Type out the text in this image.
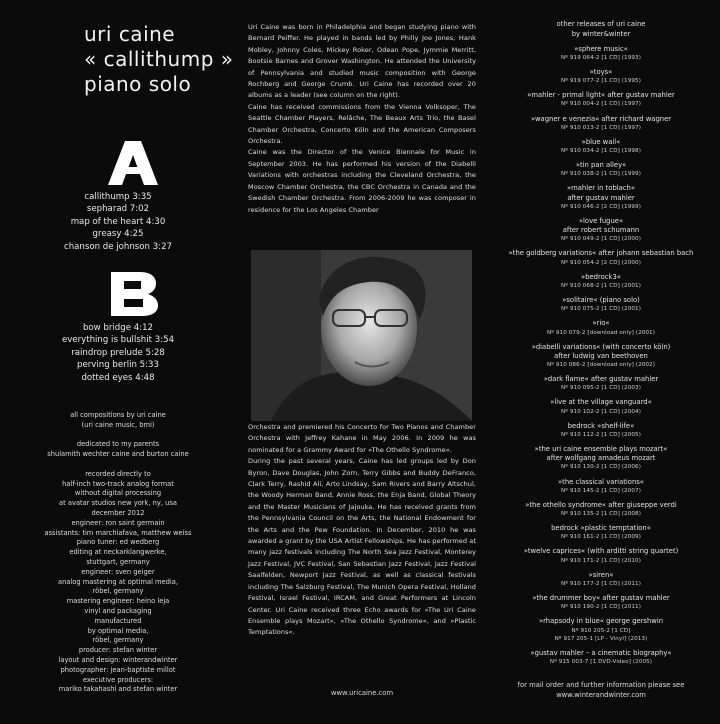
uri caine
« callithump »
piano solo
callithump 3:35
sepharad 7:02
map of the heart 4:30
greasy 4:25
chanson de johnson 3:27
bow bridge 4:12
everything is bullshit 3:54
raindrop prelude 5:28
perving berlin 5:33
dotted eyes 4:48
all compositions by uri caine
(uri caine music, bmi)
dedicated to my parents
shulamith wechter caine and burton caine
recorded directly to
half-inch two-track analog format
without digital processing
at avatar studios new york, ny, usa
december 2012
engineer: ron saint germain
assistants: tim marchiafava, matthew weiss
piano tuner: ed wedberg
editing at neckarklangwerke,
stuttgart, germany
engineer: sven geiger
analog mastering at optimal media,
röbel, germany
mastering engineer: heino leja
vinyl and packaging
manufactured
by optimal media,
röbel, germany
producer: stefan winter
layout and design: winterandwinter
photographer: jean-baptiste millot
executive producers:
mariko takahashi and stefan winter

Uri Caine was born in Philadelphia and began studying piano with Bernard Peiffer. He played in bands led by Philly Joe Jones, Hank Mobley, Johnny Coles, Mickey Roker, Odean Pope, Jymmie Merritt, Bootsie Barnes and Grover Washington. He attended the University of Pennsylvania and studied music composition with George Rochberg and George Crumb. Uri Caine has recorded over 20 albums as a leader (see column on the right).

Caine has received commissions from the Vienna Volksoper, The Seattle Chamber Players, Relâche, The Beaux Arts Trio, the Basel Chamber Orchestra, Concerto Köln and the American Composers Orchestra.

Caine was the Director of the Venice Biennale for Music in September 2003. He has performed his version of the Diabelli Variations with orchestras including the Cleveland Orchestra, the Moscow Chamber Orchestra, the CBC Orchestra in Canada and the Swedish Chamber Orchestra. From 2006-2009 he was composer in residence for the Los Angeles Chamber

Orchestra and premiered his Concerto for Two Pianos and Chamber Orchestra with Jeffrey Kahane in May 2006. In 2009 he was nominated for a Grammy Award for »The Othello Syndrome«.

During the past several years, Caine has led groups led by Don Byron, Dave Douglas, John Zorn, Terry Gibbs and Buddy DeFranco, Clark Terry, Rashid Ali, Arto Lindsay, Sam Rivers and Barry Altschul, the Woody Herman Band, Annie Ross, the Enja Band, Global Theory and the Master Musicians of Jajouka. He has received grants from the Pennsylvania Council on the Arts, the National Endowment for the Arts and the Pew Foundation. In December, 2010 he was awarded a grant by the USA Artist Fellowships. He has performed at many jazz festivals including The North Sea Jazz Festival, Monterey Jazz Festival, JVC Festival, San Sebastian Jazz Festival, Jazz Festival Saalfelden, Newport Jazz Festival, as well as classical festivals including The Salzburg Festival, The Munich Opera Festival, Holland Festival, Israel Festival, IRCAM, and Great Performers at Lincoln Center. Uri Caine received three Echo awards for »The Uri Caine Ensemble plays Mozart«, »The Othello Syndrome«, and »Plastic Temptations«.

www.uricaine.com
other releases of uri caine
by winter&winter
»sphere music«
Nº 919 064-2 [1 CD] (1993)
»toys«
Nº 919 077-2 [1 CD] (1995)
»mahler - primal light« after gustav mahler
Nº 910 004-2 [1 CD] (1997)
»wagner e venezia« after richard wagner
Nº 910 013-2 [1 CD] (1997)
»blue wail«
Nº 910 034-2 [1 CD] (1998)
»tin pan alley«
Nº 910 038-2 [1 CD] (1999)
»mahler in toblach«
after gustav mahler
Nº 910 046-2 [2 CD] (1999)
»love fugue«
after robert schumann
Nº 910 049-2 [1 CD] (2000)
»the goldberg variations« after johann sebastian bach
Nº 910 054-2 [2 CD] (2000)
»bedrock3«
Nº 910 068-2 [1 CD] (2001)
»solitaire« (piano solo)
Nº 910 075-2 [1 CD] (2001)
»rio«
Nº 910 079-2 [download only] (2001)
»diabelli variations« (with concerto köln)
after ludwig van beethoven
Nº 910 086-2 [download only] (2002)
»dark flame« after gustav mahler
Nº 910 095-2 [1 CD] (2003)
»live at the village vanguard«
Nº 910 102-2 [1 CD] (2004)
bedrock »shelf-life«
Nº 910 112-2 [1 CD] (2005)
»the uri caine ensemble plays mozart«
after wolfgang amadeus mozart
Nº 910 130-2 [1 CD] (2006)
»the classical variations«
Nº 910 145-2 [1 CD] (2007)
»the othello syndrome« after giuseppe verdi
Nº 910 135-2 [1 CD] (2008)
bedrock »plastic temptation«
Nº 910 161-2 [1 CD] (2009)
»twelve caprices« (with arditti string quartet)
Nº 910 171-2 [1 CD] (2010)
»siren«
Nº 910 177-2 [1 CD] (2011)
»the drummer boy« after gustav mahler
Nº 910 190-2 [1 CD] (2011)
»rhapsody in blue« george gershwin
Nº 910 205-2 [1 CD]
Nº 917 205-1 [LP - Vinyl] (2013)
»gustav mahler – a cinematic biography«
Nº 915 003-7 [1 DVD-Video] (2005)
for mail order and further information please see
www.winterandwinter.com
